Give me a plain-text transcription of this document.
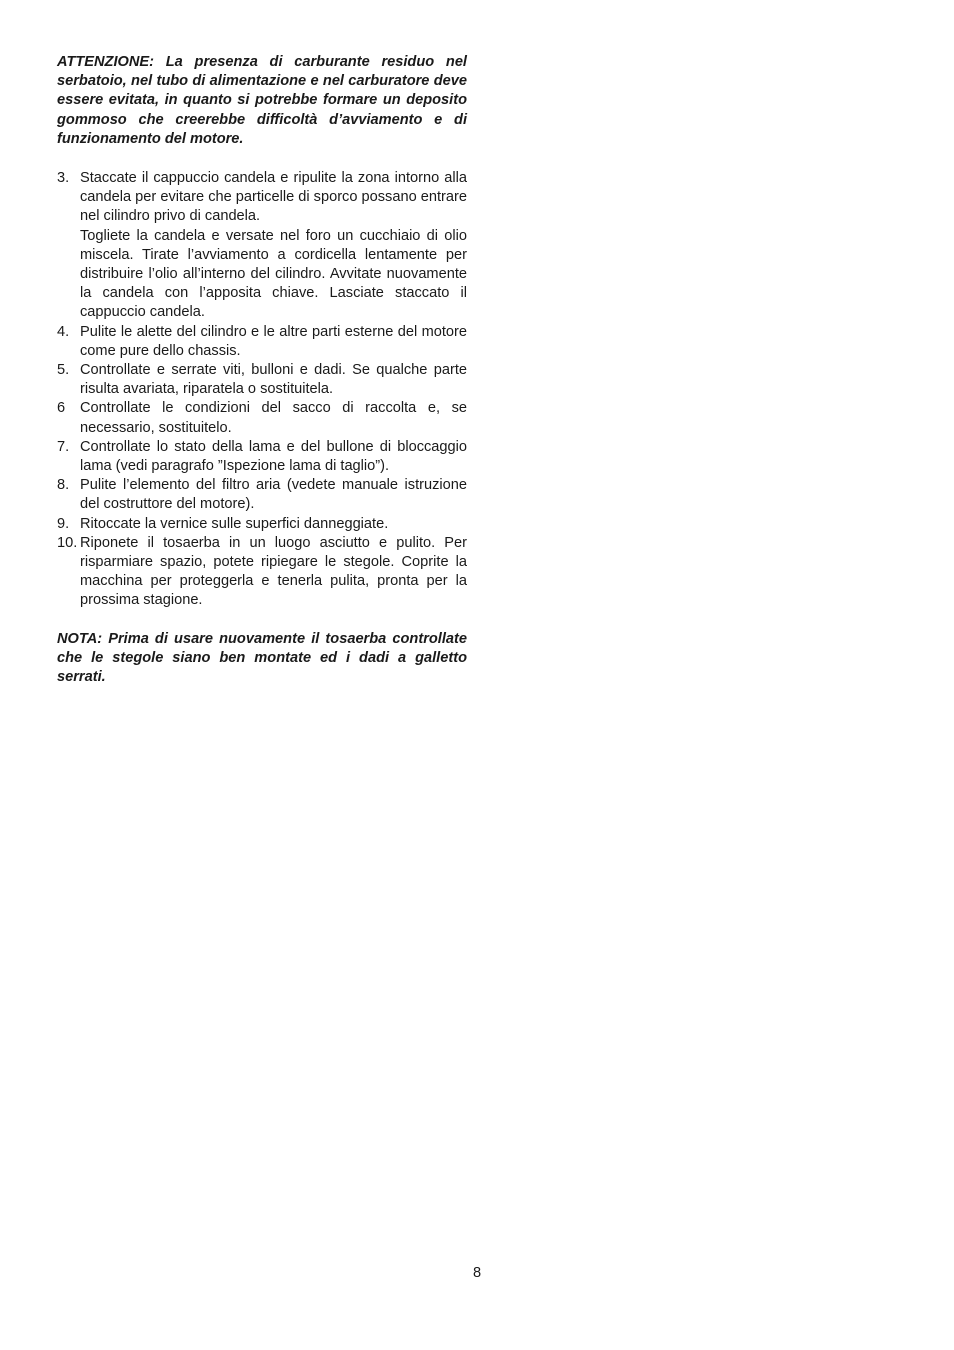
ATTENZIONE: La presenza di carburante residuo nel serbatoio, nel tubo di alimentazione e nel carburatore deve essere evitata, in quanto si potrebbe formare un deposito gommoso che creerebbe difficoltà d’avviamento e di funzionamento del motore.

3. Staccate il cappuccio candela e ripulite la zona intorno alla candela per evitare che particelle di sporco possano entrare nel cilindro privo di candela.

Togliete la candela e versate nel foro un cucchiaio di olio miscela. Tirate l’avviamento a cordicella lentamente per distribuire l’olio all’interno del cilindro. Avvitate nuovamente la candela con l’apposita chiave. Lasciate staccato il cappuccio candela.

4. Pulite le alette del cilindro e le altre parti esterne del motore come pure dello chassis.

5. Controllate e serrate viti, bulloni e dadi. Se qualche parte risulta avariata, riparatela o sostituitela.

6 Controllate le condizioni del sacco di raccolta e, se necessario, sostituitelo.

7. Controllate lo stato della lama e del bullone di bloccaggio lama (vedi paragrafo ”Ispezione lama di taglio”).

8. Pulite l’elemento del filtro aria (vedete manuale istruzione del costruttore del motore).

9. Ritoccate la vernice sulle superfici danneggiate.

10. Riponete il tosaerba in un luogo asciutto e pulito. Per risparmiare spazio, potete ripiegare le stegole. Coprite la macchina per proteggerla e tenerla pulita, pronta per la prossima stagione.

NOTA: Prima di usare nuovamente il tosaerba controllate che le stegole siano ben montate ed i dadi a galletto serrati.

8
